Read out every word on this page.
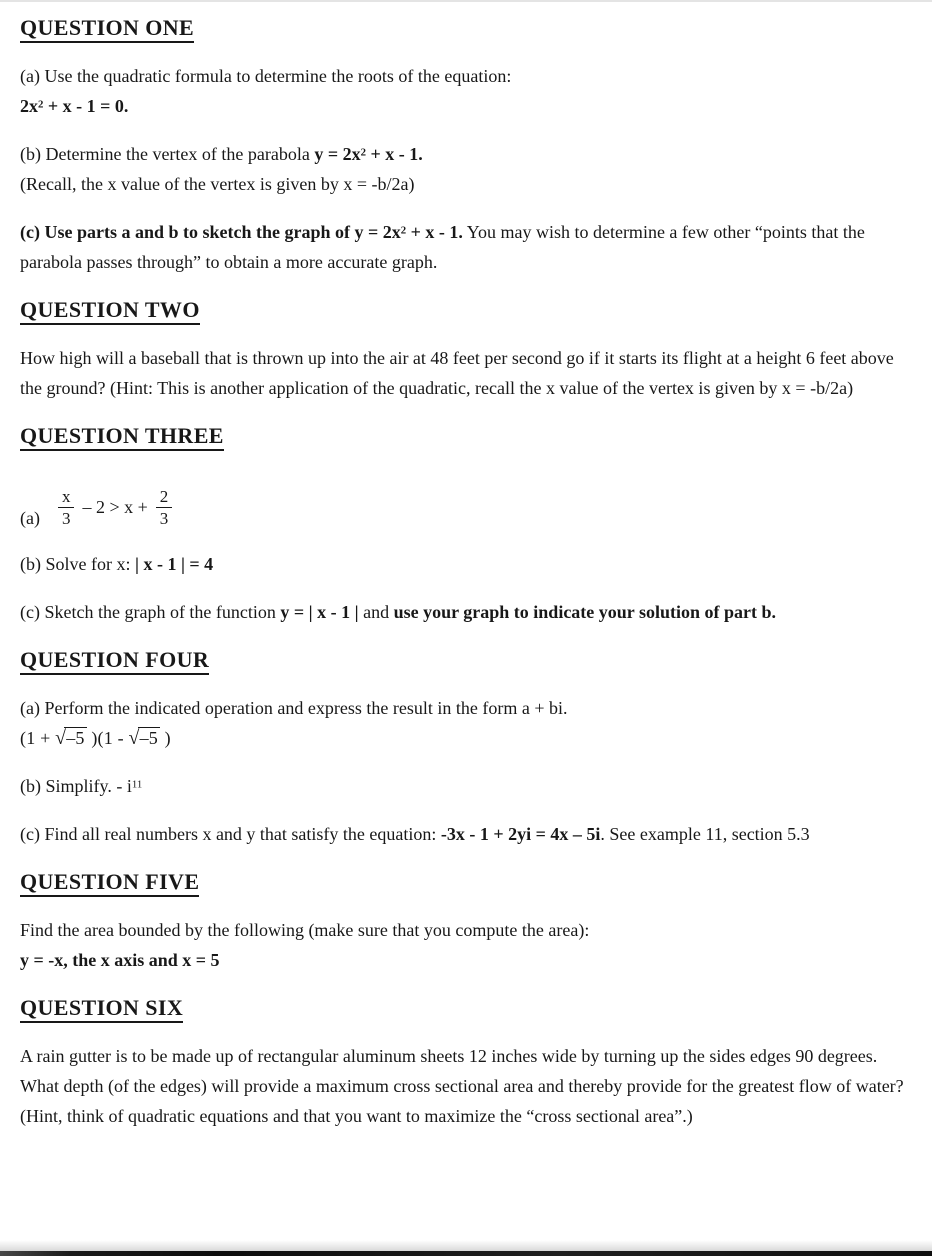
QUESTION ONE

(a) Use the quadratic formula to determine the roots of the equation:
$2x^2 + x - 1 = 0$.

(b) Determine the vertex of the parabola $y = 2x^2 + x - 1$.
(Recall, the x value of the vertex is given by x = -b/2a)

(c) Use parts a and b to sketch the graph of $y = 2x^2 + x - 1$. You may wish to determine a few other “points that the parabola passes through” to obtain a more accurate graph.

QUESTION TWO

How high will a baseball that is thrown up into the air at 48 feet per second go if it starts its flight at a height 6 feet above the ground? (Hint: This is another application of the quadratic, recall the x value of the vertex is given by x = -b/2a)

QUESTION THREE

$(a) \frac{x}{3} - 2 > x + \frac{2}{3}$

(b) Solve for x: | x - 1 | = 4

(c) Sketch the graph of the function y = | x - 1 | and use your graph to indicate your solution of part b.

QUESTION FOUR

(a) Perform the indicated operation and express the result in the form a + bi.
(1 + √–5 )(1 - √–5 )

(b) Simplify. - $i^{11}$

(c) Find all real numbers x and y that satisfy the equation: -3x - 1 + 2yi = 4x – 5i. See example 11, section 5.3

QUESTION FIVE

Find the area bounded by the following (make sure that you compute the area):
y = -x, the x axis and x = 5

QUESTION SIX

A rain gutter is to be made up of rectangular aluminum sheets 12 inches wide by turning up the sides edges 90 degrees. What depth (of the edges) will provide a maximum cross sectional area and thereby provide for the greatest flow of water? (Hint, think of quadratic equations and that you want to maximize the “cross sectional area”.)
